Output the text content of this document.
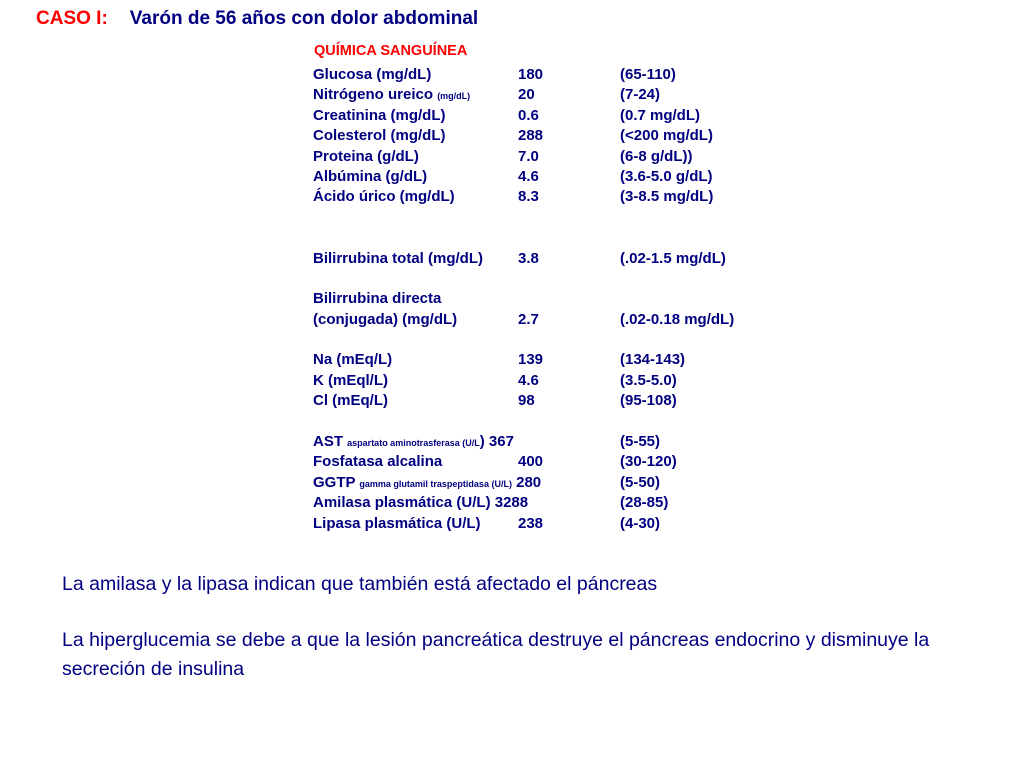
CASO I: Varón de 56 años con dolor abdominal
QUÍMICA SANGUÍNEA
Glucosa (mg/dL)	180	(65-110)
Nitrógeno ureico (mg/dL)	20	(7-24)
Creatinina (mg/dL)	0.6	(0.7 mg/dL)
Colesterol (mg/dL)	288	(<200 mg/dL)
Proteina (g/dL)	7.0	(6-8 g/dL))
Albúmina (g/dL)	4.6	(3.6-5.0 g/dL)
Ácido úrico (mg/dL)	8.3	(3-8.5 mg/dL)
Bilirrubina total (mg/dL) 3.8	(.02-1.5 mg/dL)
Bilirrubina directa
(conjugada) (mg/dL)	2.7	(.02-0.18 mg/dL)
Na (mEq/L)	139	(134-143)
K (mEql/L)	4.6	(3.5-5.0)
Cl (mEq/L)	98	(95-108)
AST aspartato aminotrasferasa (U/L) 367	(5-55)
Fosfatasa alcalina	400	(30-120)
GGTP gamma glutamil traspeptidasa (U/L) 280	(5-50)
Amilasa plasmática (U/L) 3288	(28-85)
Lipasa plasmática (U/L) 238	(4-30)

La amilasa y la lipasa indican que también está afectado el páncreas

La hiperglucemia se debe a que la lesión pancreática destruye el páncreas endocrino y disminuye la secreción de insulina
